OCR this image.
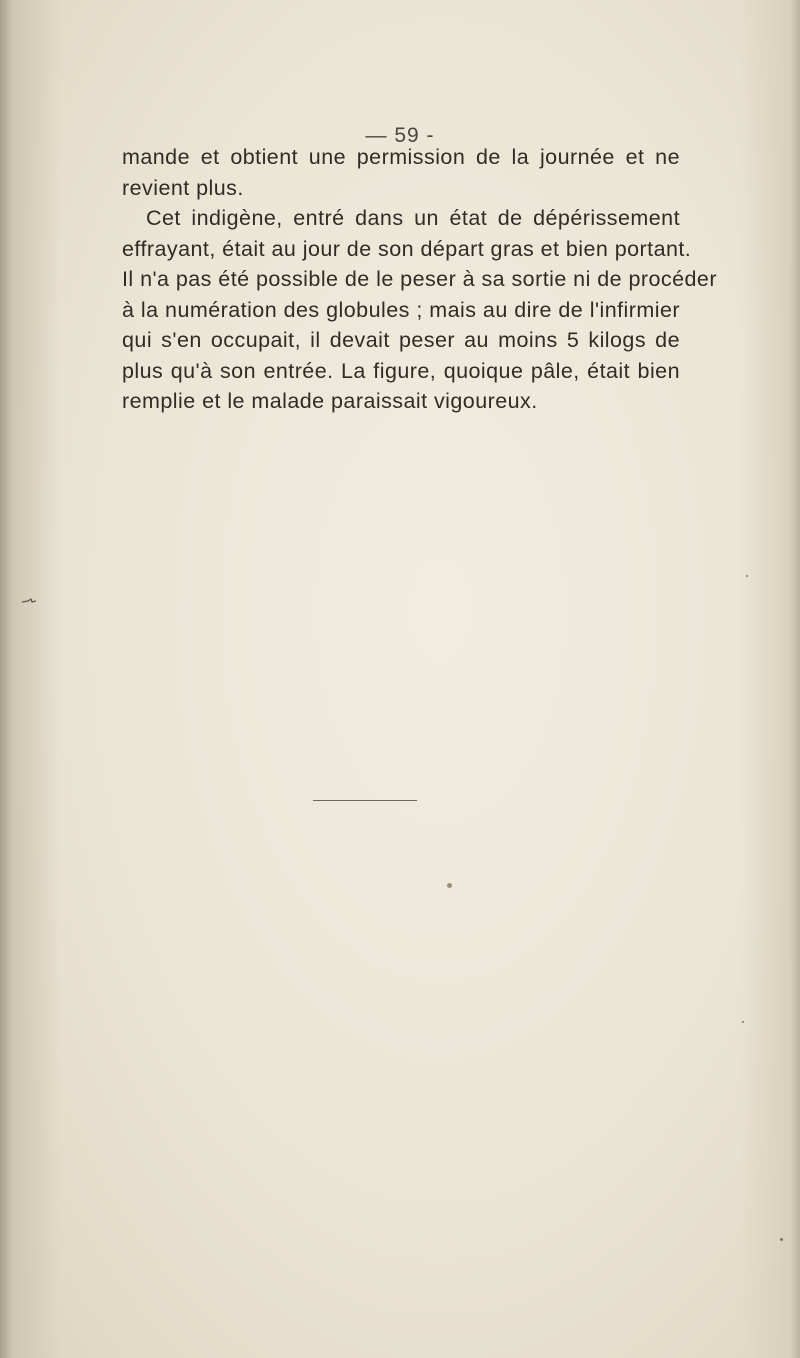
— 59 -
mande et obtient une permission de la journée et ne
revient plus.
Cet indigène, entré dans un état de dépérissement
effrayant, était au jour de son départ gras et bien portant.
Il n'a pas été possible de le peser à sa sortie ni de procéder
à la numération des globules ; mais au dire de l'infirmier
qui s'en occupait, il devait peser au moins 5 kilogs de
plus qu'à son entrée. La figure, quoique pâle, était bien
remplie et le malade paraissait vigoureux.
